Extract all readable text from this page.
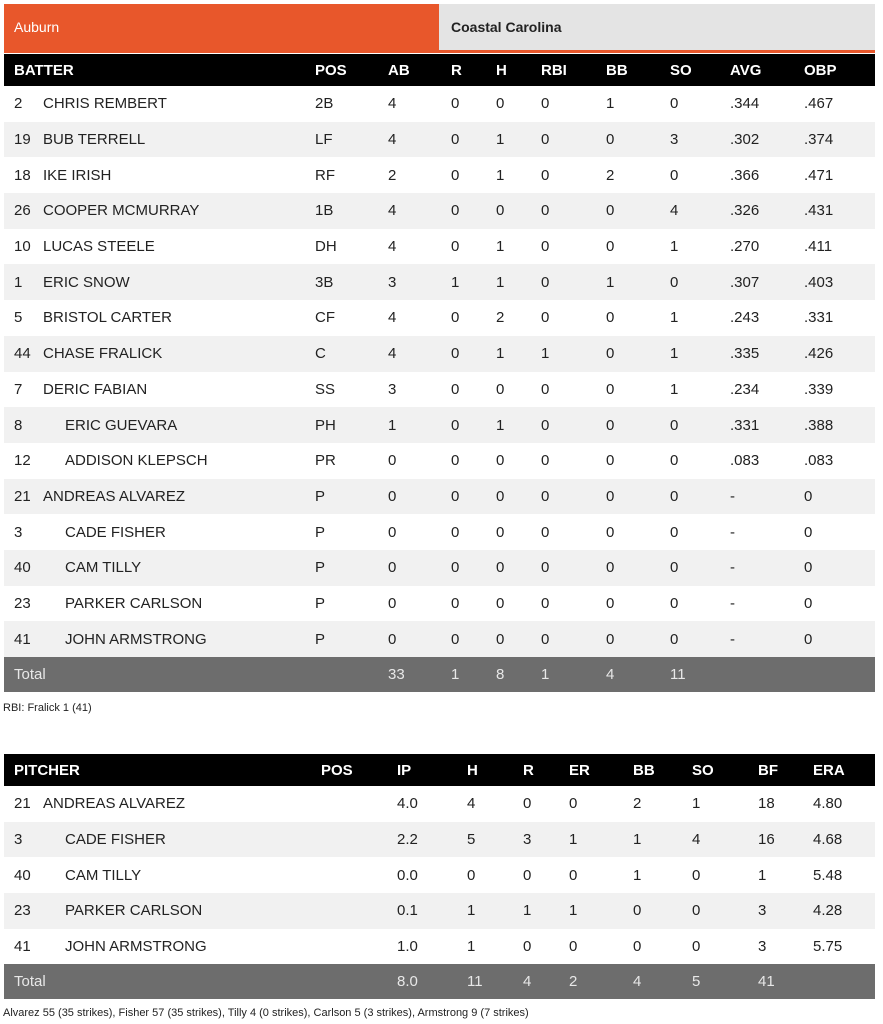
Auburn	Coastal Carolina
BATTER		POS	AB	R	H	RBI	BB	SO	AVG	OBP
2	CHRIS REMBERT	2B	4	0	0	0	1	0	.344	.467
19	BUB TERRELL	LF	4	0	1	0	0	3	.302	.374
18	IKE IRISH	RF	2	0	1	0	2	0	.366	.471
26	COOPER MCMURRAY	1B	4	0	0	0	0	4	.326	.431
10	LUCAS STEELE	DH	4	0	1	0	0	1	.270	.411
1	ERIC SNOW	3B	3	1	1	0	1	0	.307	.403
5	BRISTOL CARTER	CF	4	0	2	0	0	1	.243	.331
44	CHASE FRALICK	C	4	0	1	1	0	1	.335	.426
7	DERIC FABIAN	SS	3	0	0	0	0	1	.234	.339
8	ERIC GUEVARA	PH	1	0	1	0	0	0	.331	.388
12	ADDISON KLEPSCH	PR	0	0	0	0	0	0	.083	.083
21	ANDREAS ALVAREZ	P	0	0	0	0	0	0	-	0
3	CADE FISHER	P	0	0	0	0	0	0	-	0
40	CAM TILLY	P	0	0	0	0	0	0	-	0
23	PARKER CARLSON	P	0	0	0	0	0	0	-	0
41	JOHN ARMSTRONG	P	0	0	0	0	0	0	-	0
Total			33	1	8	1	4	11		
RBI: Fralick 1 (41)
PITCHER		POS	IP	H	R	ER	BB	SO	BF	ERA
21	ANDREAS ALVAREZ		4.0	4	0	0	2	1	18	4.80
3	CADE FISHER		2.2	5	3	1	1	4	16	4.68
40	CAM TILLY		0.0	0	0	0	1	0	1	5.48
23	PARKER CARLSON		0.1	1	1	1	0	0	3	4.28
41	JOHN ARMSTRONG		1.0	1	0	0	0	0	3	5.75
Total			8.0	11	4	2	4	5	41	
Alvarez 55 (35 strikes), Fisher 57 (35 strikes), Tilly 4 (0 strikes), Carlson 5 (3 strikes), Armstrong 9 (7 strikes)
